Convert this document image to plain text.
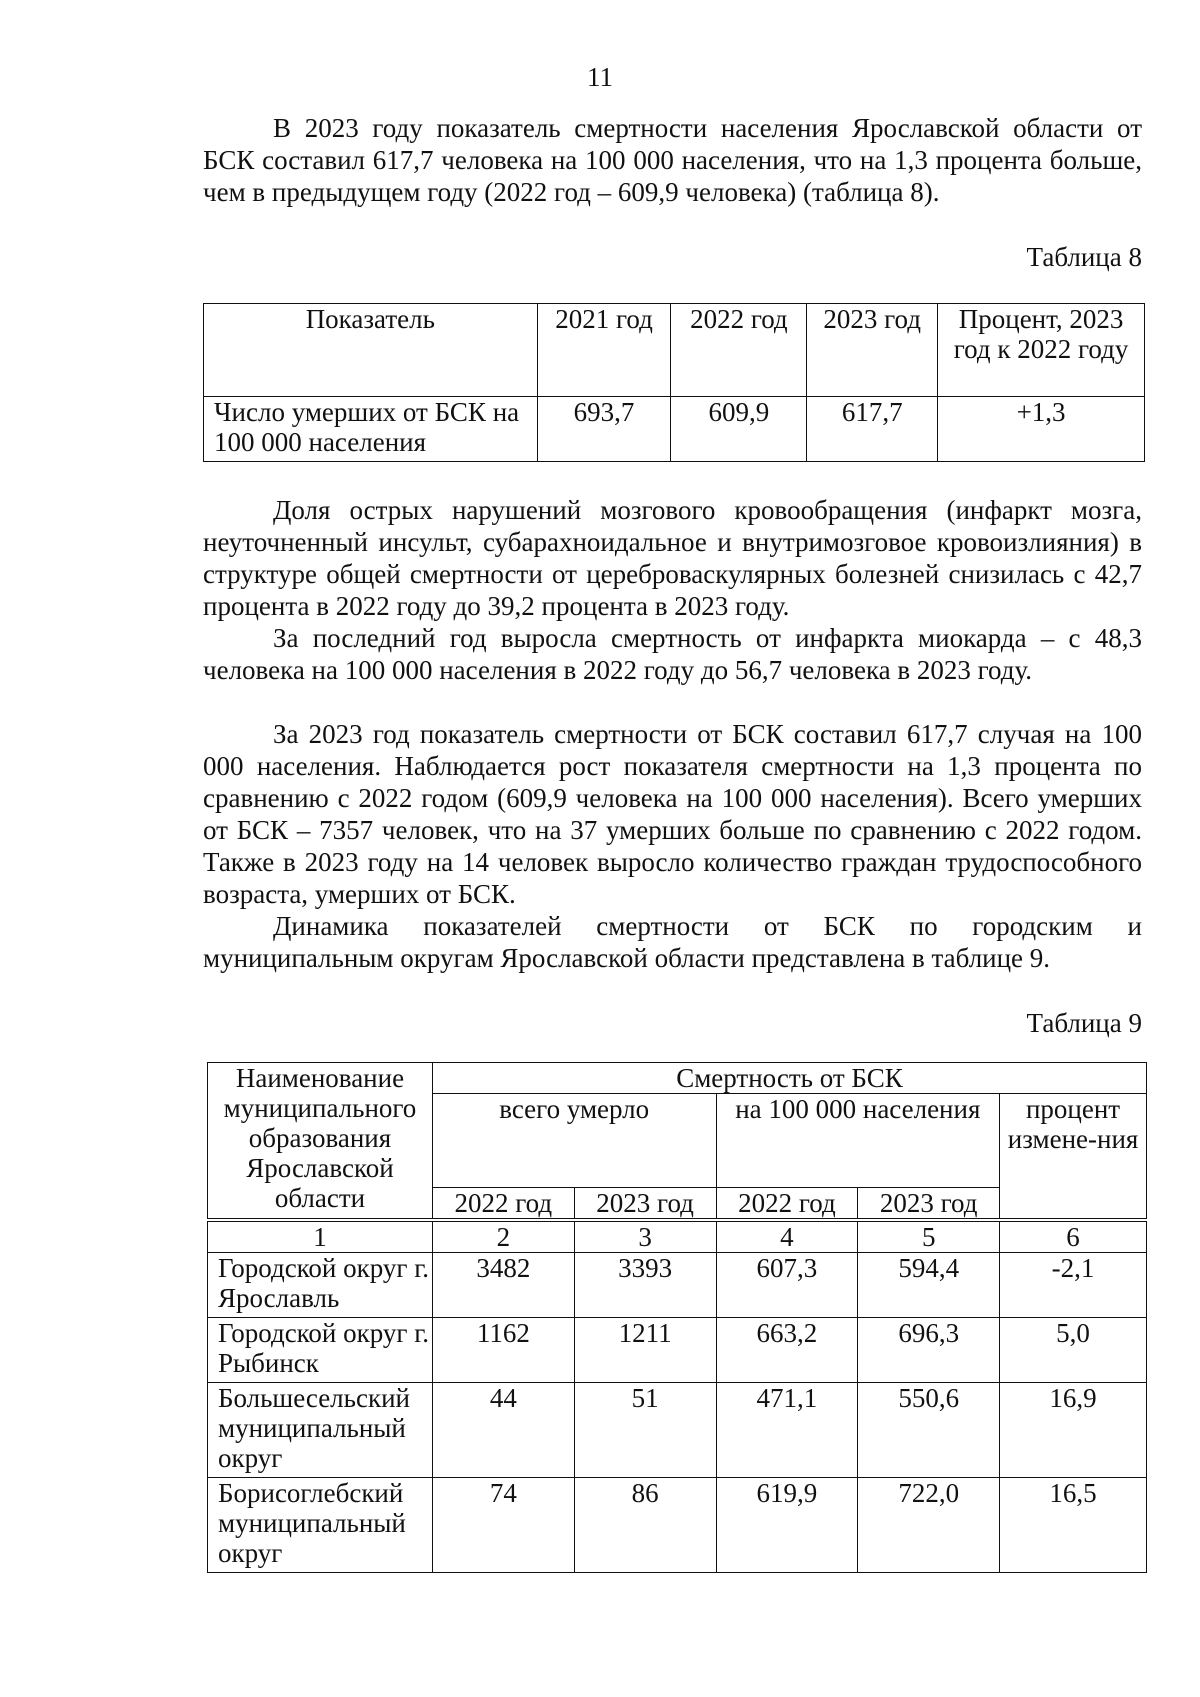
11

В 2023 году показатель смертности населения Ярославской области от БСК составил 617,7 человека на 100 000 населения, что на 1,3 процента больше, чем в предыдущем году (2022 год – 609,9 человека) (таблица 8).

Таблица 8
Показатель	2021 год	2022 год	2023 год	Процент, 2023 год к 2022 году
Число умерших от БСК на 100 000 населения	693,7	609,9	617,7	+1,3

Доля острых нарушений мозгового кровообращения (инфаркт мозга, неуточненный инсульт, субарахноидальное и внутримозговое кровоизлияния) в структуре общей смертности от цереброваскулярных болезней снизилась с 42,7 процента в 2022 году до 39,2 процента в 2023 году.

За последний год выросла смертность от инфаркта миокарда – с 48,3 человека на 100 000 населения в 2022 году до 56,7 человека в 2023 году.

За 2023 год показатель смертности от БСК составил 617,7 случая на 100 000 населения. Наблюдается рост показателя смертности на 1,3 процента по сравнению с 2022 годом (609,9 человека на 100 000 населения). Всего умерших от БСК – 7357 человек, что на 37 умерших больше по сравнению с 2022 годом. Также в 2023 году на 14 человек выросло количество граждан трудоспособного возраста, умерших от БСК.

Динамика показателей смертности от БСК по городским и муниципальным округам Ярославской области представлена в таблице 9.

Таблица 9
Наименование муниципального образования Ярославской области	Смертность от БСК				
	всего умерло		на 100 000 населения		процент измене-ния
	2022 год	2023 год	2022 год	2023 год	
1	2	3	4	5	6
Городской округ г. Ярославль	3482	3393	607,3	594,4	-2,1
Городской округ г. Рыбинск	1162	1211	663,2	696,3	5,0
Большесельский муниципальный округ	44	51	471,1	550,6	16,9
Борисоглебский муниципальный округ	74	86	619,9	722,0	16,5
